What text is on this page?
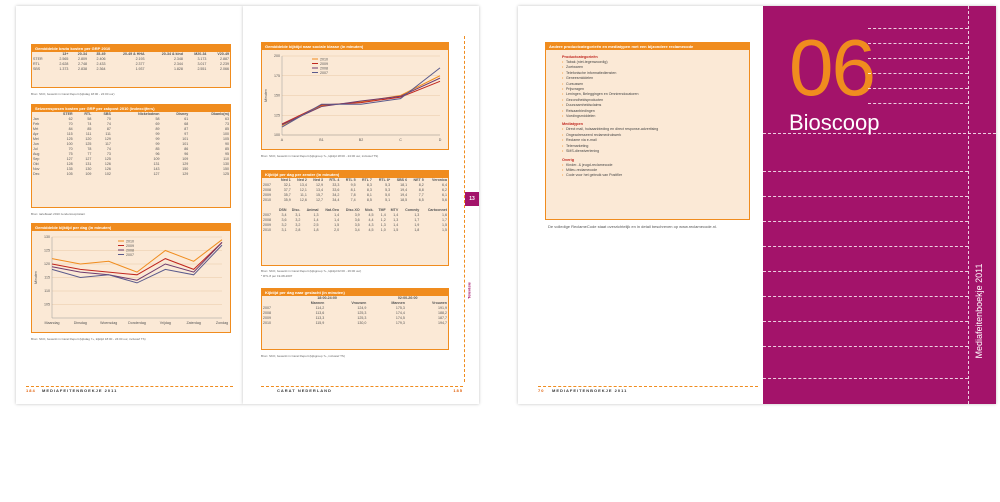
Gemiddelde bruto kosten per GRP 2010
	13+	20-34	35-49	20-49 & HHA	20-34 & kind	M20-34	V20-49
STER	2.565	2.809	2.406	2.193	2.348	3.173	2.887
RTL	2.628	2.748	2.433	2.377	2.344	3.017	2.239
SBS	1.373	2.838	2.364	1.937	1.828	2.551	2.066
Bron: SKO, bewerkt in Carat Report (kijkdag 18:00 - 24:00 uur)
Seizoensposen kosten per GRP per zakpost 2010 (indexcijfers)
	STER	RTL	SBS	Nickelodeon	Disney	Dkanlo(m)
Jan	62	58	70	58	61	63
Feb	70	74	74	69	68	73
Mrt	84	85	87	89	87	85
Apr	115	111	111	99	97	100
Mei	125	120	129	99	101	105
Jun	100	125	117	99	101	90
Jul	70	78	74	85	86	85
Aug	75	77	73	96	96	95
Sep	127	127	125	109	109	110
Okt	128	131	126	131	129	130
Nov	135	130	126	143	150	150
Dec	105	109	102	127	129	125
Bron: tariefkaart 2010 zenders/exploitant
Gemiddelde kijktijd per dag (in minuten)
105
110
115
120
125
130
Maandag	Dinsdag	Woensdag	Donderdag	Vrijdag	Zaterdag	Zondag
Minuten
2010
2009
2008
2007
Bron: SKO, bewerkt in Carat Report (kijkdag 7+, kijktijd 18:00 - 24:00 uur, inclusief TS)
184 MEDIAFEITENBOEKJE 2011
Gemiddelde kijktijd naar sociale klasse (in minuten)
100
125
150
175
200
A	B1	B2	C	D
Minuten
2010
2009
2008
2007
Bron: SKO, bewerkt in Carat Report (kijkgroep 7+, kijktijd 18:00 - 24:00 uur, inclusief TS)
Kijktijd per dag per zender (in minuten)
	Ned 1	Ned 2	Ned 3	RTL 4	RTL 5	RTL 7	RTL 8*	SBS 6	NET 5	Veronica
2007	32,1	13,4	12,9	33,3	9,5	8,3	5,3	18,1	8,2	6,4
2008	37,7	12,1	13,4	33,6	8,1	8,3	5,3	19,4	8,8	6,2
2009	35,7	11,1	15,7	34,2	7,8	8,1	5,0	19,4	7,7	6,1
2010	35,9	12,6	12,7	34,4	7,4	8,5	5,1	18,5	6,5	5,6
	DSN	Disc.	Animal	Nat.Geo	Disc.XO	Nick.	TMF	MTV	Comedy	Cartoonnet
2007	3,4	3,1	1,3	1,4	3,9	4,5	1,4	1,4	1,3	1,6
2008	3,6	3,2	1,4	1,4	3,6	4,4	1,2	1,3	1,7	1,7
2009	3,2	3,2	2,5	1,5	3,5	4,3	1,3	1,4	1,9	1,5
2010	3,1	2,8	1,8	2,0	3,4	4,5	1,0	1,5	1,8	1,5
Bron: SKO, bewerkt in Carat Report (kijkgroep 7+, kijktijd 02:00 - 26:00 uur)
* RTL 8 per 19-08-2007
Kijktijd per dag naar geslacht (in minuten)
	18:00-24:00		02:00-26:00	
	Mannen	Vrouwen	Mannen	Vrouwen
2007	114,2	124,9	175,3	191,9
2008	113,6	125,3	174,4	188,2
2009	113,3	125,3	174,5	187,7
2010	115,9	130,0	179,3	194,7
Bron: SKO, bewerkt in Carat Report (kijkgroep 7+, inclusief TS)
13
Televisie
CARAT NEDERLAND	185
Andere productcategorieën en mediatypen met een bijzondere reclamecode
Productcategorieën
• Tabak (niet-tegenwoordig)
• Zoetwaren
• Telefonische informatiediensten
• Geneesmiddelen
• Cursussen
• Prijsvragen
• Leningen, Beleggingen en Omnirendocatoren
• Gezondheidsproducten
• Duurzaamheidsclaims
• Reisaanbiedingen
• Voedingsmiddelen
Mediatypen
• Direct mail, huisaanbieding en direct response-advertising
• Ongeadresseerd reclamedrukwerk
• Reclame via e-mail
• Telemarketing
• SMS-dienstverlening
Overig
• Kinder- & jeugd-reclamecode
• Milieu-reclamecode
• Code voor het gebruik van Postfiler
De volledige ReclameCode staat overzichtelijk en in detail beschreven op www.reclamecode.nl.
70 MEDIAFEITENBOEKJE 2011
06
Bioscoop
Mediafeitenboekje 2011
